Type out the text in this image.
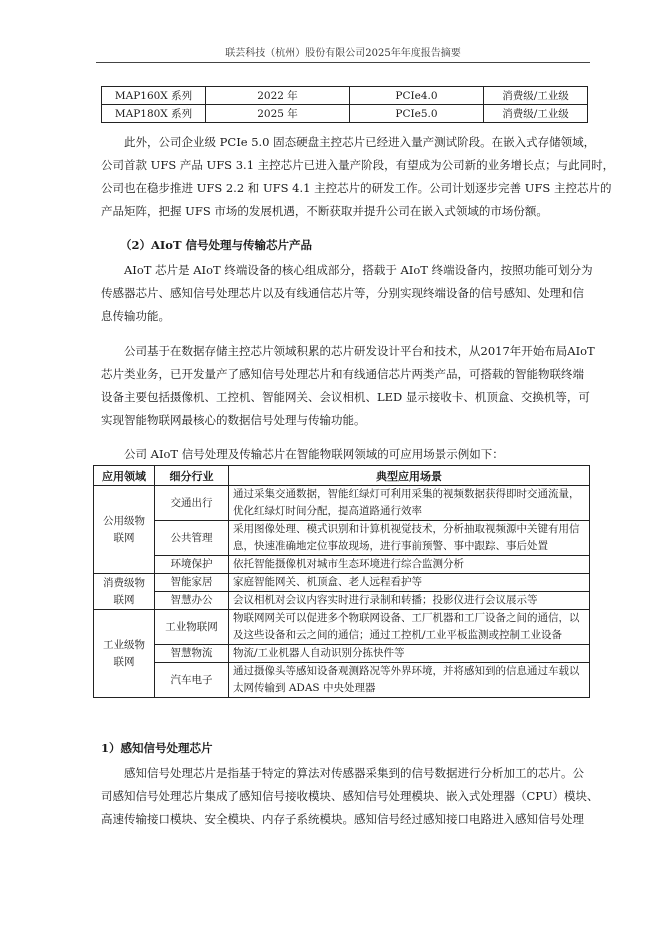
联芸科技（杭州）股份有限公司2025年年度报告摘要
MAP160X 系列	2022 年	PCIe4.0	消费级/工业级
MAP180X 系列	2025 年	PCIe5.0	消费级/工业级
此外，公司企业级 PCIe 5.0 固态硬盘主控芯片已经进入量产测试阶段。在嵌入式存储领域，
公司首款 UFS 产品 UFS 3.1 主控芯片已进入量产阶段，有望成为公司新的业务增长点；与此同时，
公司也在稳步推进 UFS 2.2 和 UFS 4.1 主控芯片的研发工作。公司计划逐步完善 UFS 主控芯片的
产品矩阵，把握 UFS 市场的发展机遇，不断获取并提升公司在嵌入式领域的市场份额。
（2）AIoT 信号处理与传输芯片产品
AIoT 芯片是 AIoT 终端设备的核心组成部分，搭载于 AIoT 终端设备内，按照功能可划分为
传感器芯片、感知信号处理芯片以及有线通信芯片等，分别实现终端设备的信号感知、处理和信
息传输功能。
公司基于在数据存储主控芯片领域积累的芯片研发设计平台和技术，从2017年开始布局AIoT
芯片类业务，已开发量产了感知信号处理芯片和有线通信芯片两类产品，可搭载的智能物联终端
设备主要包括摄像机、工控机、智能网关、会议相机、LED 显示接收卡、机顶盒、交换机等，可
实现智能物联网最核心的数据信号处理与传输功能。
公司 AIoT 信号处理及传输芯片在智能物联网领域的可应用场景示例如下：
应用领域	细分行业	典型应用场景
公用级物联网	交通出行	通过采集交通数据，智能红绿灯可利用采集的视频数据获得即时交通流量，优化红绿灯时间分配，提高道路通行效率
	公共管理	采用图像处理、模式识别和计算机视觉技术，分析抽取视频源中关键有用信息，快速准确地定位事故现场，进行事前预警、事中跟踪、事后处置
	环境保护	依托智能摄像机对城市生态环境进行综合监测分析
消费级物联网	智能家居	家庭智能网关、机顶盒、老人远程看护等
	智慧办公	会议相机对会议内容实时进行录制和转播；投影仪进行会议展示等
工业级物联网	工业物联网	物联网网关可以促进多个物联网设备、工厂机器和工厂设备之间的通信，以及这些设备和云之间的通信；通过工控机/工业平板监测或控制工业设备
	智慧物流	物流/工业机器人自动识别分拣快件等
	汽车电子	通过摄像头等感知设备观测路况等外界环境，并将感知到的信息通过车载以太网传输到 ADAS 中央处理器
1）感知信号处理芯片
感知信号处理芯片是指基于特定的算法对传感器采集到的信号数据进行分析加工的芯片。公
司感知信号处理芯片集成了感知信号接收模块、感知信号处理模块、嵌入式处理器（CPU）模块、
高速传输接口模块、安全模块、内存子系统模块。感知信号经过感知接口电路进入感知信号处理
